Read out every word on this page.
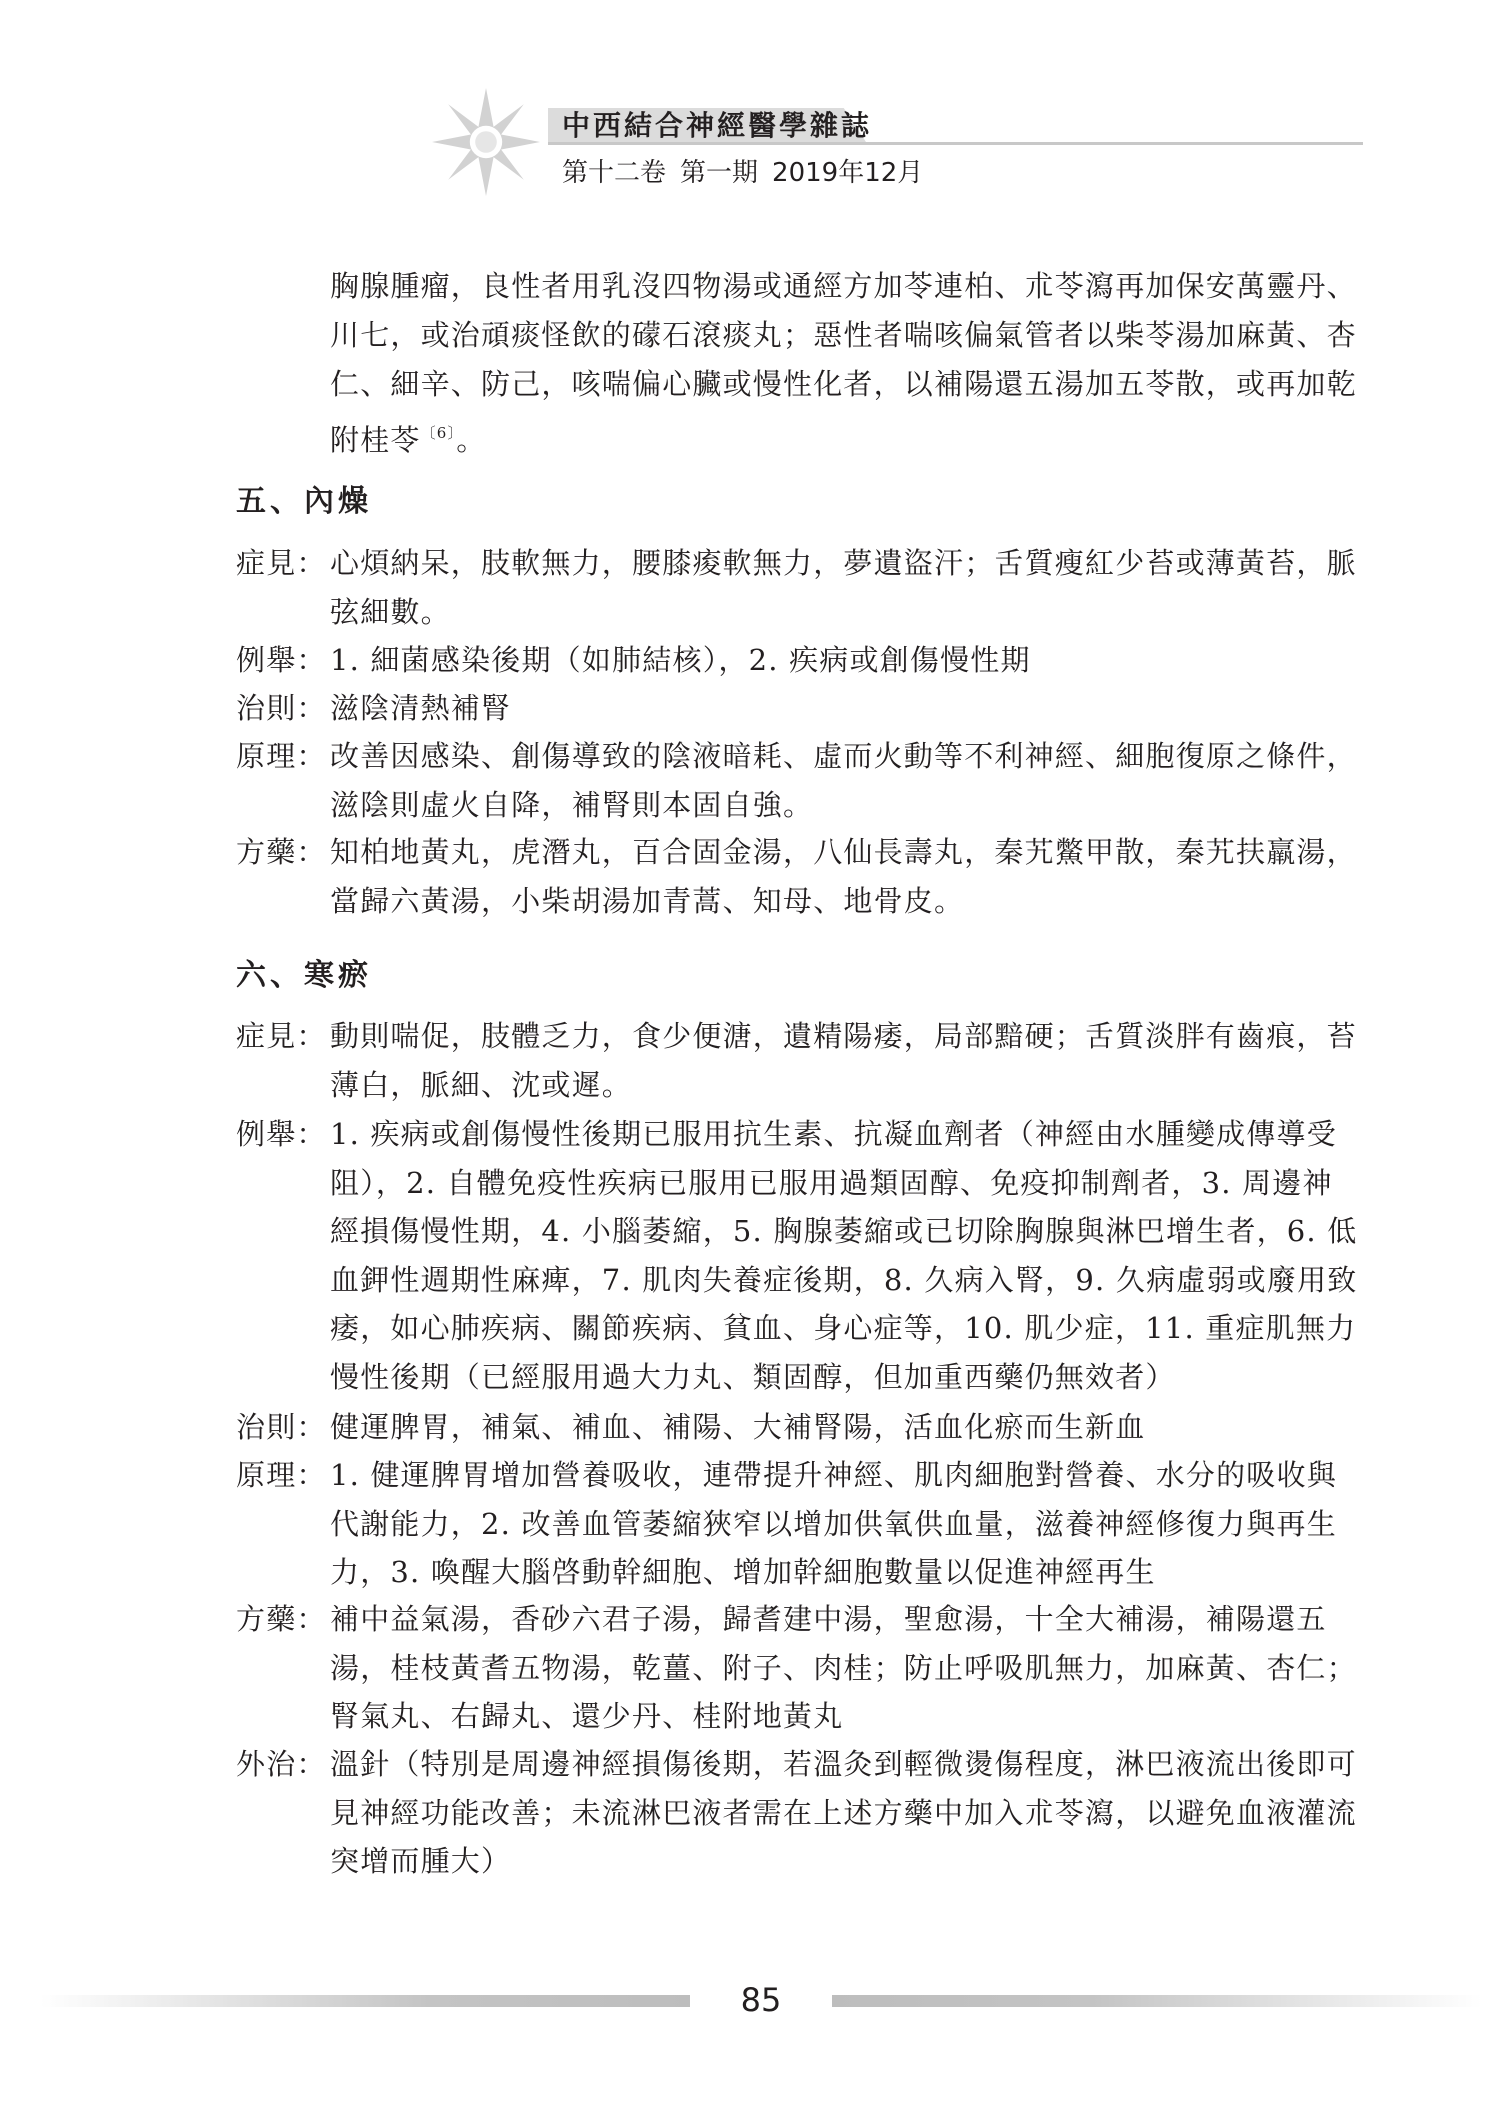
中西結合神經醫學雜誌
第十二卷 第一期 2019年12月
胸腺腫瘤，良性者用乳沒四物湯或通經方加苓連柏、朮苓瀉再加保安萬靈丹、川七，或治頑痰怪飲的礞石滾痰丸；惡性者喘咳偏氣管者以柴苓湯加麻黃、杏仁、細辛、防己，咳喘偏心臟或慢性化者，以補陽還五湯加五苓散，或再加乾附桂苓$^{〔6〕}$。
五、內燥
症見： 心煩納呆，肢軟無力，腰膝痠軟無力，夢遺盜汗；舌質瘦紅少苔或薄黃苔，脈弦細數。
例舉： 1. 細菌感染後期（如肺結核），2. 疾病或創傷慢性期
治則： 滋陰清熱補腎
原理： 改善因感染、創傷導致的陰液暗耗、虛而火動等不利神經、細胞復原之條件，滋陰則虛火自降，補腎則本固自強。
方藥： 知柏地黃丸，虎潛丸，百合固金湯，八仙長壽丸，秦艽鱉甲散，秦艽扶羸湯，當歸六黃湯，小柴胡湯加青蒿、知母、地骨皮。
六、寒瘀
症見： 動則喘促，肢體乏力，食少便溏，遺精陽痿，局部黯硬；舌質淡胖有齒痕，苔薄白，脈細、沈或遲。
例舉： 1. 疾病或創傷慢性後期已服用抗生素、抗凝血劑者（神經由水腫變成傳導受阻），2. 自體免疫性疾病已服用已服用過類固醇、免疫抑制劑者，3. 周邊神經損傷慢性期，4. 小腦萎縮，5. 胸腺萎縮或已切除胸腺與淋巴增生者，6. 低血鉀性週期性麻痺，7. 肌肉失養症後期，8. 久病入腎，9. 久病虛弱或廢用致痿，如心肺疾病、關節疾病、貧血、身心症等，10. 肌少症，11. 重症肌無力慢性後期（已經服用過大力丸、類固醇，但加重西藥仍無效者）
治則： 健運脾胃，補氣、補血、補陽、大補腎陽，活血化瘀而生新血
原理： 1. 健運脾胃增加營養吸收，連帶提升神經、肌肉細胞對營養、水分的吸收與代謝能力，2. 改善血管萎縮狹窄以增加供氧供血量，滋養神經修復力與再生力，3. 喚醒大腦啓動幹細胞、增加幹細胞數量以促進神經再生
方藥： 補中益氣湯，香砂六君子湯，歸耆建中湯，聖愈湯，十全大補湯，補陽還五湯，桂枝黃耆五物湯，乾薑、附子、肉桂；防止呼吸肌無力，加麻黃、杏仁；腎氣丸、右歸丸、還少丹、桂附地黃丸
外治： 溫針（特別是周邊神經損傷後期，若溫灸到輕微燙傷程度，淋巴液流出後即可見神經功能改善；未流淋巴液者需在上述方藥中加入朮苓瀉，以避免血液灌流突增而腫大）
85
